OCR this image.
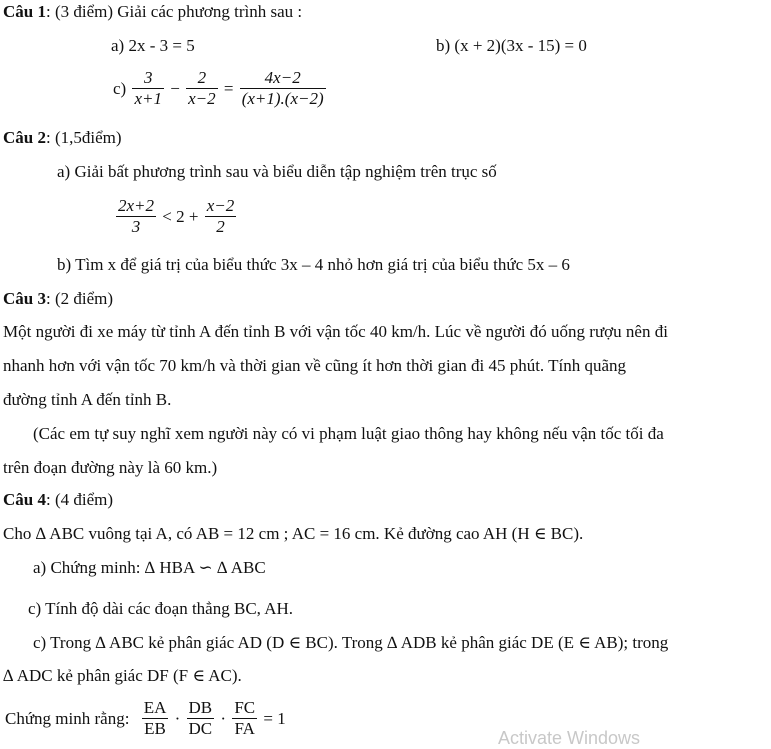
Câu 1: (3 điểm) Giải các phương trình sau :
a) 2x - 3 = 5	b) (x + 2)(3x - 15) = 0
$c) \frac{3}{x+1} - \frac{2}{x-2} = \frac{4x-2}{(x+1).(x-2)}$
Câu 2: (1,5điểm)
a) Giải bất phương trình sau và biểu diễn tập nghiệm trên trục số
$\frac{2x+2}{3} < 2 + \frac{x-2}{2}$
b) Tìm x để giá trị của biểu thức 3x – 4 nhỏ hơn giá trị của biểu thức 5x – 6
Câu 3: (2 điểm)
Một người đi xe máy từ tỉnh A đến tỉnh B với vận tốc 40 km/h. Lúc về người đó uống rượu nên đi
nhanh hơn với vận tốc 70 km/h và thời gian về cũng ít hơn thời gian đi 45 phút. Tính quãng
đường tỉnh A đến tỉnh B.
(Các em tự suy nghĩ xem người này có vi phạm luật giao thông hay không nếu vận tốc tối đa
trên đoạn đường này là 60 km.)
Câu 4: (4 điểm)
Cho ∆ ABC vuông tại A, có AB = 12 cm ; AC = 16 cm. Kẻ đường cao AH (H ∈ BC).
a) Chứng minh: ∆ HBA ∽ ∆ ABC
c) Tính độ dài các đoạn thẳng BC, AH.
c) Trong ∆ ABC kẻ phân giác AD (D ∈ BC). Trong ∆ ADB kẻ phân giác DE (E ∈ AB); trong
∆ ADC kẻ phân giác DF (F ∈ AC).
Chứng minh rằng: $\frac{EA}{EB} \cdot \frac{DB}{DC} \cdot \frac{FC}{FA} = 1$
Activate Windows
